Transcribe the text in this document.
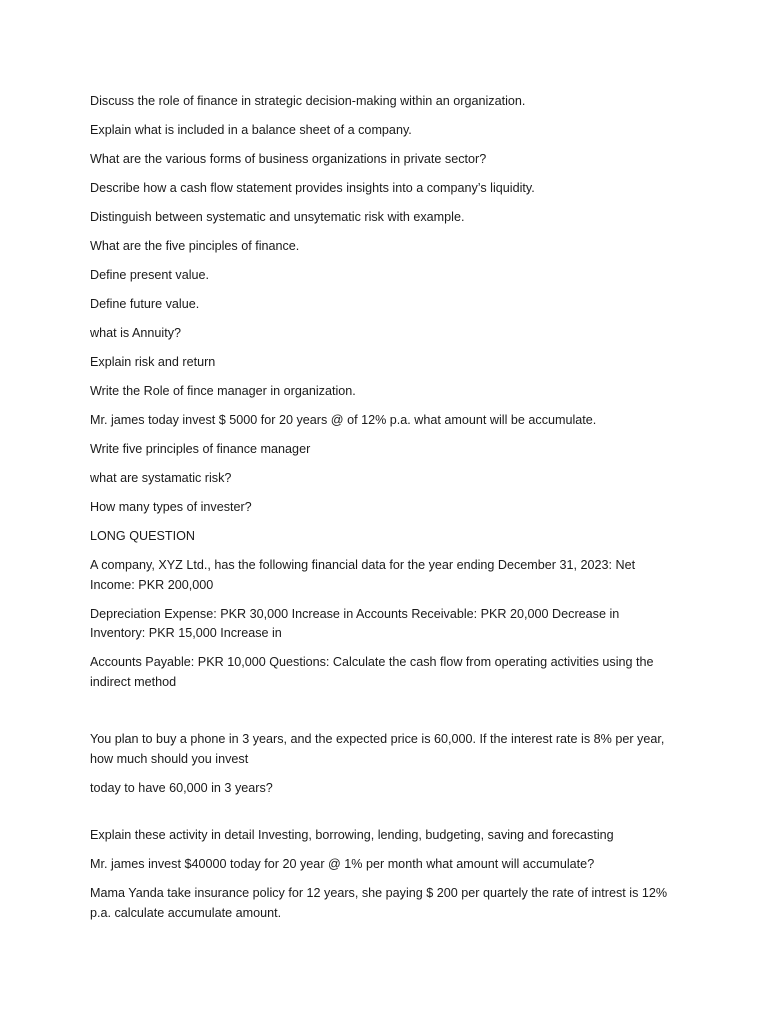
Discuss the role of finance in strategic decision-making within an organization.

Explain what is included in a balance sheet of a company.

What are the various forms of business organizations in private sector?

Describe how a cash flow statement provides insights into a company’s liquidity.

Distinguish between systematic and unsytematic risk with example.

What are the five pinciples of finance.

Define present value.

Define future value.

what is Annuity?

Explain risk and return

Write the Role of fince manager in organization.

Mr. james today invest $ 5000 for 20 years @ of 12% p.a. what amount will be accumulate.

Write five principles of finance manager

what are systamatic risk?

How many types of invester?

LONG QUESTION

A company, XYZ Ltd., has the following financial data for the year ending December 31, 2023: Net Income: PKR 200,000

Depreciation Expense: PKR 30,000 Increase in Accounts Receivable: PKR 20,000 Decrease in Inventory: PKR 15,000 Increase in

Accounts Payable: PKR 10,000 Questions: Calculate the cash flow from operating activities using the indirect method

You plan to buy a phone in 3 years, and the expected price is 60,000. If the interest rate is 8% per year, how much should you invest

today to have 60,000 in 3 years?

Explain these activity in detail Investing, borrowing, lending, budgeting, saving and forecasting

Mr. james invest $40000 today for 20 year @ 1% per month what amount will accumulate?

Mama Yanda take insurance policy for 12 years, she paying $ 200 per quartely the rate of intrest is 12% p.a. calculate accumulate amount.
